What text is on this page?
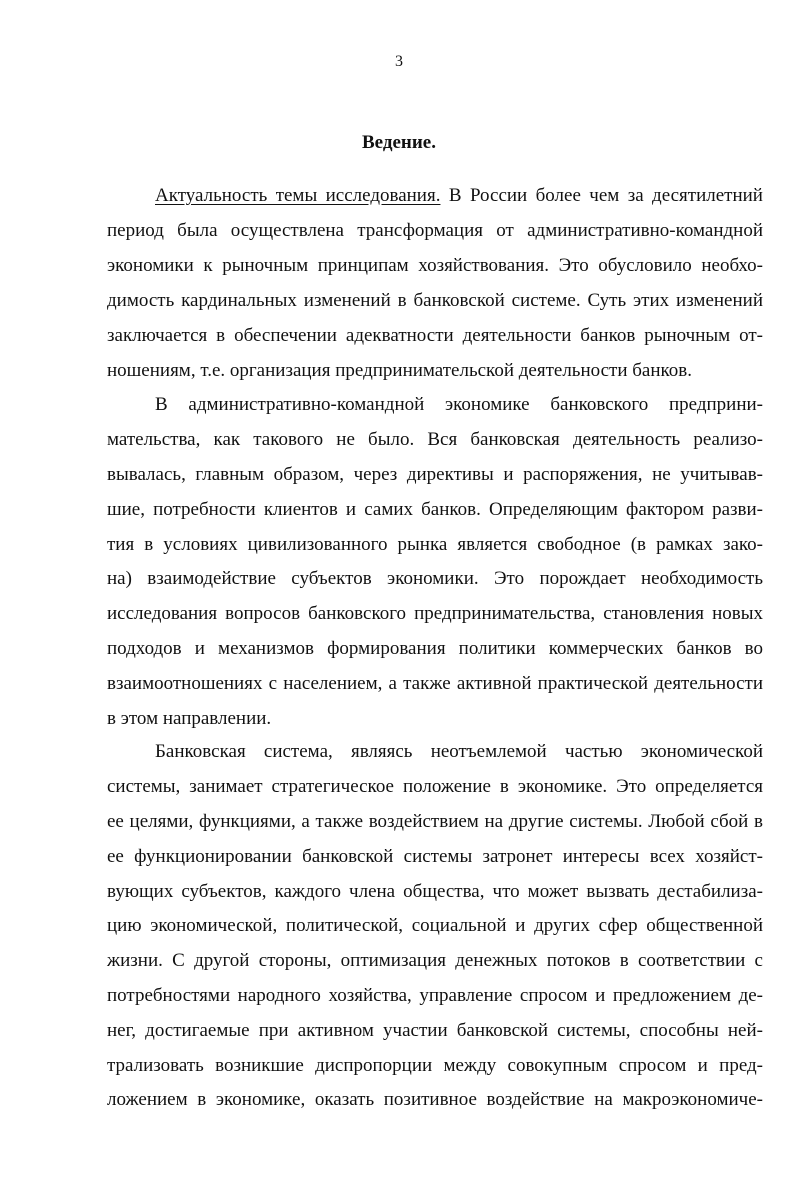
3
Ведение.
Актуальность темы исследования. В России более чем за десятилетний
период была осуществлена трансформация от административно-командной
экономики к рыночным принципам хозяйствования. Это обусловило необхо-
димость кардинальных изменений в банковской системе. Суть этих изменений
заключается в обеспечении адекватности деятельности банков рыночным от-
ношениям, т.е. организация предпринимательской деятельности банков.
В административно-командной экономике банковского предприни-
мательства, как такового не было. Вся банковская деятельность реализо-
вывалась, главным образом, через директивы и распоряжения, не учитывав-
шие, потребности клиентов и самих банков. Определяющим фактором разви-
тия в условиях цивилизованного рынка является свободное (в рамках зако-
на) взаимодействие субъектов экономики. Это порождает необходимость
исследования вопросов банковского предпринимательства, становления новых
подходов и механизмов формирования политики коммерческих банков во
взаимоотношениях с населением, а также активной практической деятельности
в этом направлении.
Банковская система, являясь неотъемлемой частью экономической
системы, занимает стратегическое положение в экономике. Это определяется
ее целями, функциями, а также воздействием на другие системы. Любой сбой в
ее функционировании банковской системы затронет интересы всех хозяйст-
вующих субъектов, каждого члена общества, что может вызвать дестабилиза-
цию экономической, политической, социальной и других сфер общественной
жизни. С другой стороны, оптимизация денежных потоков в соответствии с
потребностями народного хозяйства, управление спросом и предложением де-
нег, достигаемые при активном участии банковской системы, способны ней-
трализовать возникшие диспропорции между совокупным спросом и пред-
ложением в экономике, оказать позитивное воздействие на макроэкономиче-
